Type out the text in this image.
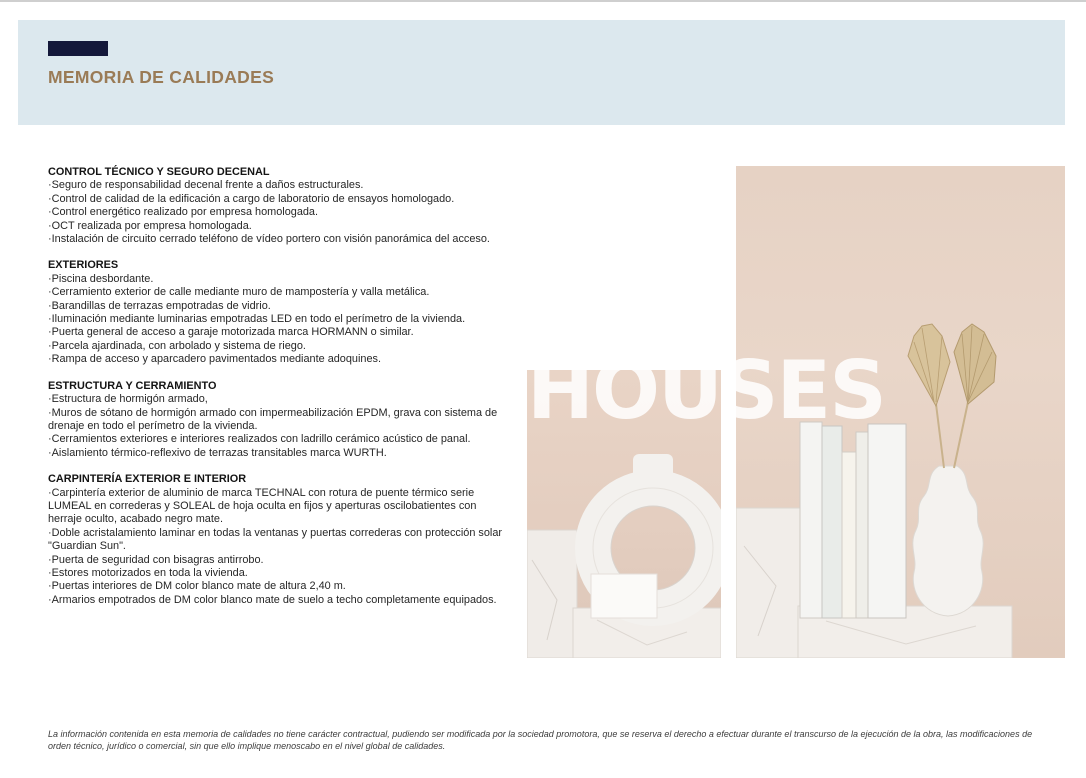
MEMORIA DE CALIDADES
CONTROL TÉCNICO Y SEGURO DECENAL
· Seguro de responsabilidad decenal frente a daños estructurales.
· Control de calidad de la edificación a cargo de laboratorio de ensayos homologado.
· Control energético realizado por empresa homologada.
· OCT realizada por empresa homologada.
· Instalación de circuito cerrado teléfono de vídeo portero con visión panorámica del acceso.
EXTERIORES
· Piscina desbordante.
· Cerramiento exterior de calle mediante muro de mampostería y valla metálica.
· Barandillas de terrazas empotradas de vidrio.
· Iluminación mediante luminarias empotradas LED en todo el perímetro de la vivienda.
· Puerta general de acceso a garaje motorizada marca HORMANN o similar.
· Parcela ajardinada, con arbolado y sistema de riego.
· Rampa de acceso y aparcadero pavimentados mediante adoquines.
ESTRUCTURA Y CERRAMIENTO
· Estructura de hormigón armado,
· Muros de sótano de hormigón armado con impermeabilización EPDM, grava con sistema de drenaje en todo el perímetro de la vivienda.
· Cerramientos exteriores e interiores realizados con ladrillo cerámico acústico de panal.
· Aislamiento térmico-reflexivo de terrazas transitables marca WURTH.
CARPINTERÍA EXTERIOR E INTERIOR
· Carpintería exterior de aluminio de marca TECHNAL con rotura de puente térmico serie LUMEAL en correderas y SOLEAL de hoja oculta en fijos y aperturas oscilobatientes con herraje oculto, acabado negro mate.
· Doble acristalamiento laminar en todas la ventanas y puertas correderas con protección solar "Guardian Sun".
· Puerta de seguridad con bisagras antirrobo.
· Estores motorizados en toda la vivienda.
· Puertas interiores de DM color blanco mate de altura 2,40 m.
· Armarios empotrados de DM color blanco mate de suelo a techo completamente equipados.
HOUSES

La información contenida en esta memoria de calidades no tiene carácter contractual, pudiendo ser modificada por la sociedad promotora, que se reserva el derecho a efectuar durante el transcurso de la ejecución de la obra, las modificaciones de orden técnico, jurídico o comercial, sin que ello implique menoscabo en el nivel global de calidades.
